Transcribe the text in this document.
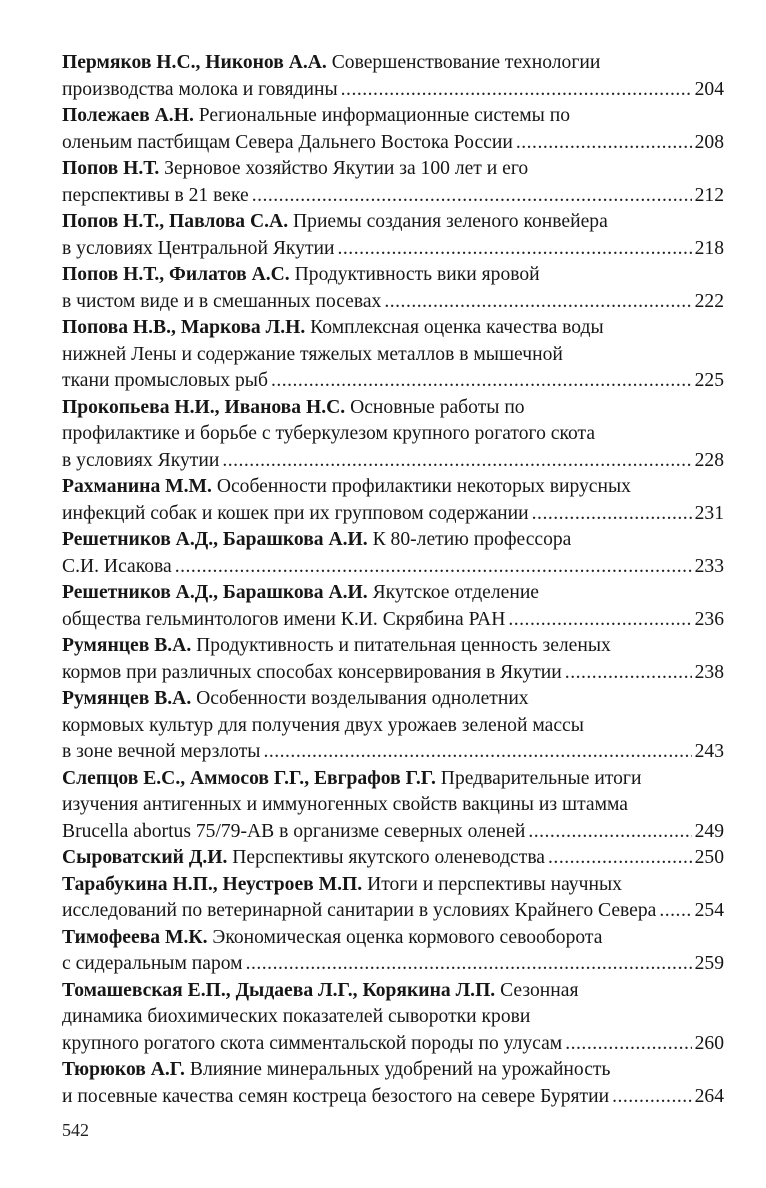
Пермяков Н.С., Никонов А.А.
Совершенствование технологии
производства молока и говядины .....	204
Полежаев А.Н.
Региональные информационные системы по
оленьим пастбищам Севера Дальнего Востока России .....	208
Попов Н.Т.
Зерновое хозяйство Якутии за 100 лет и его
перспективы в 21 веке .....	212
Попов Н.Т., Павлова С.А.
Приемы создания зеленого конвейера
в условиях Центральной Якутии .....	218
Попов Н.Т., Филатов А.С.
Продуктивность вики яровой
в чистом виде и в смешанных посевах .....	222
Попова Н.В., Маркова Л.Н.
Комплексная оценка качества воды
нижней Лены и содержание тяжелых металлов в мышечной
ткани промысловых рыб .....	225
Прокопьева Н.И., Иванова Н.С.
Основные работы по
профилактике и борьбе с туберкулезом крупного рогатого скота
в условиях Якутии .....	228
Рахманина М.М.
Особенности профилактики некоторых вирусных
инфекций собак и кошек при их групповом содержании .....	231
Решетников А.Д., Барашкова А.И.
К 80-летию профессора
С.И. Исакова .....	233
Решетников А.Д., Барашкова А.И.
Якутское отделение
общества гельминтологов имени К.И. Скрябина РАН .....	236
Румянцев В.А.
Продуктивность и питательная ценность зеленых
кормов при различных способах консервирования в Якутии .....	238
Румянцев В.А.
Особенности возделывания однолетних
кормовых культур для получения двух урожаев зеленой массы
в зоне вечной мерзлоты .....	243
Слепцов Е.С., Аммосов Г.Г., Евграфов Г.Г.
Предварительные итоги
изучения антигенных и иммуногенных свойств вакцины из штамма
Brucella abortus 75/79-АВ в организме северных оленей .....	249
Сыроватский Д.И.
Перспективы якутского оленеводства .....	250
Тарабукина Н.П., Неустроев М.П.
Итоги и перспективы научных
исследований по ветеринарной санитарии в условиях Крайнего Севера ..... 254
Тимофеева М.К.
Экономическая оценка кормового севооборота
с сидеральным паром .....	259
Томашевская Е.П., Дыдаева Л.Г., Корякина Л.П.
Сезонная
динамика биохимических показателей сыворотки крови
крупного рогатого скота симментальской породы по улусам .....	260
Тюрюков А.Г.
Влияние минеральных удобрений на урожайность
и посевные качества семян костреца безостого на севере Бурятии .....	264
542
